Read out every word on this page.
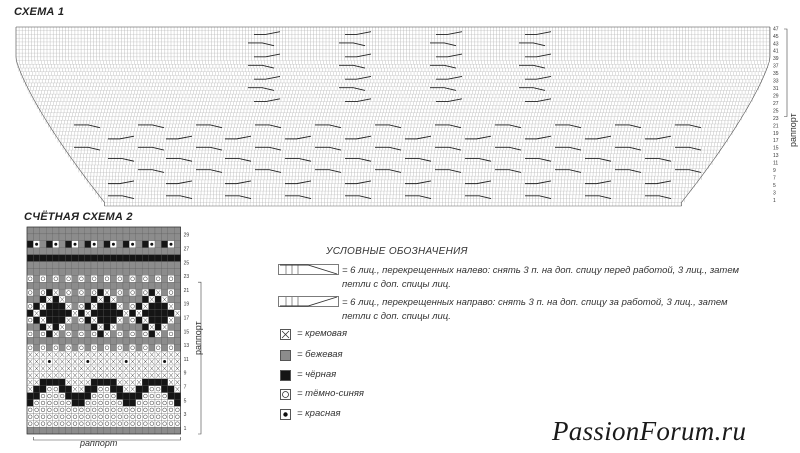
СХЕМА 1
47
45
43
41
39
37
35
33
31
29
27
25
23
21
19
17
15
13
11
9
7
5
3
1
раппорт
СЧЁТНАЯ СХЕМА 2
29
27
25
23
21
19
17
15
13
11
9
7
5
3
1
раппорт
раппорт
УСЛОВНЫЕ ОБОЗНАЧЕНИЯ
= 6 лиц., перекрещенных налево: снять 3 п. на доп. спицу перед работой, 3 лиц., затем петли с доп. спицы лиц.
= 6 лиц., перекрещенных направо: снять 3 п. на доп. спицу за работой, 3 лиц., затем петли с доп. спицы лиц.
= кремовая
= бежевая
= чёрная
= тёмно-синяя
= красная
PassionForum.ru
